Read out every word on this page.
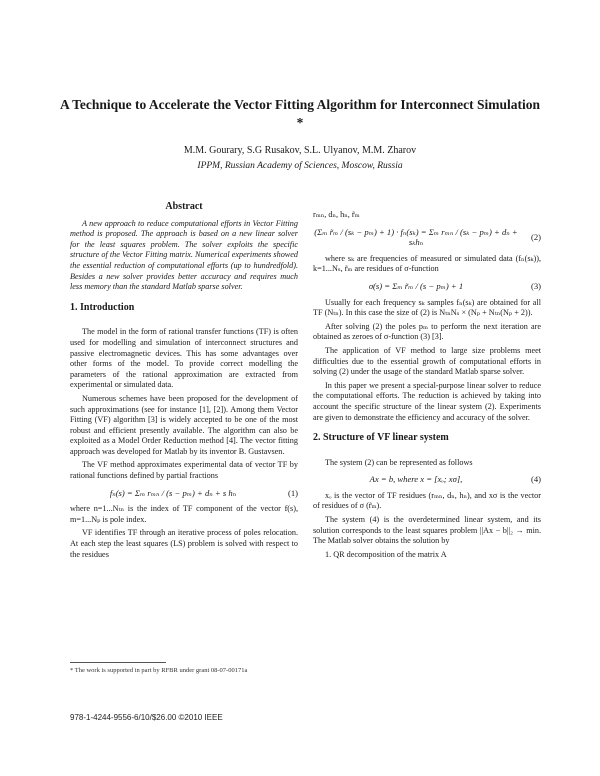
A Technique to Accelerate the Vector Fitting Algorithm for Interconnect Simulation *
M.M. Gourary, S.G Rusakov, S.L. Ulyanov, M.M. Zharov
IPPM, Russian Academy of Sciences, Moscow, Russia
Abstract

A new approach to reduce computational efforts in Vector Fitting method is proposed. The approach is based on a new linear solver for the least squares problem. The solver exploits the specific structure of the Vector Fitting matrix. Numerical experiments showed the essential reduction of computational efforts (up to hundredfold). Besides a new solver provides better accuracy and requires much less memory than the standard Matlab sparse solver.

1. Introduction

The model in the form of rational transfer functions (TF) is often used for modelling and simulation of interconnect structures and passive electromagnetic devices. This has some advantages over other forms of the model. To provide correct modelling the parameters of the rational approximation are extracted from experimental or simulated data.

Numerous schemes have been proposed for the development of such approximations (see for instance [1], [2]). Among them Vector Fitting (VF) algorithm [3] is widely accepted to be one of the most robust and efficient presently available. The algorithm can also be exploited as a Model Order Reduction method [4]. The vector fitting approach was developed for Matlab by its inventor B. Gustavsen.

The VF method approximates experimental data of vector TF by rational functions defined by partial fractions

fₙ(s) = Σₘ rₘₙ / (s − pₘ) + dₙ + s hₙ	(1)

where n=1...Nₜₙ is the index of TF component of the vector f(s), m=1...Nₚ is pole index.

VF identifies TF through an iterative process of poles relocation. At each step the least squares (LS) problem is solved with respect to the residues

rₘₙ, dₙ, hₙ, r̃ₘ

(Σₘ r̃ₘ / (sₖ − pₘ) + 1) · fₙ(sₖ) = Σₘ rₘₙ / (sₖ − pₘ) + dₙ + sₖhₙ
(2)

where sₖ are frequencies of measured or simulated data (fₙ(sₖ)), k=1...Nₛ, r̃ₘ are residues of σ-function

σ(s) = Σₘ r̃ₘ / (s − pₘ) + 1	(3)

Usually for each frequency sₖ samples fₙ(sₖ) are obtained for all TF (Nₜₙ). In this case the size of (2) is NₜₙNₛ × (Nₚ + Nₜₙ(Nₚ + 2)).

After solving (2) the poles pₘ to perform the next iteration are obtained as zeroes of σ-function (3) [3].

The application of VF method to large size problems meet difficulties due to the essential growth of computational efforts in solving (2) under the usage of the standard Matlab sparse solver.

In this paper we present a special-purpose linear solver to reduce the computational efforts. The reduction is achieved by taking into account the specific structure of the linear system (2). Experiments are given to demonstrate the efficiency and accuracy of the solver.

2. Structure of VF linear system

The system (2) can be represented as follows

Ax = b, where x = [xₒ; xσ],	(4)

xₒ is the vector of TF residues (rₘₙ, dₙ, hₙ), and xσ is the vector of residues of σ (r̃ₘ).

The system (4) is the overdetermined linear system, and its solution corresponds to the least squares problem ||Ax − b||₂ → min. The Matlab solver obtains the solution by

1. QR decomposition of the matrix A
* The work is supported in part by RFBR under grant 08-07-00171a
978-1-4244-9556-6/10/$26.00 ©2010 IEEE
